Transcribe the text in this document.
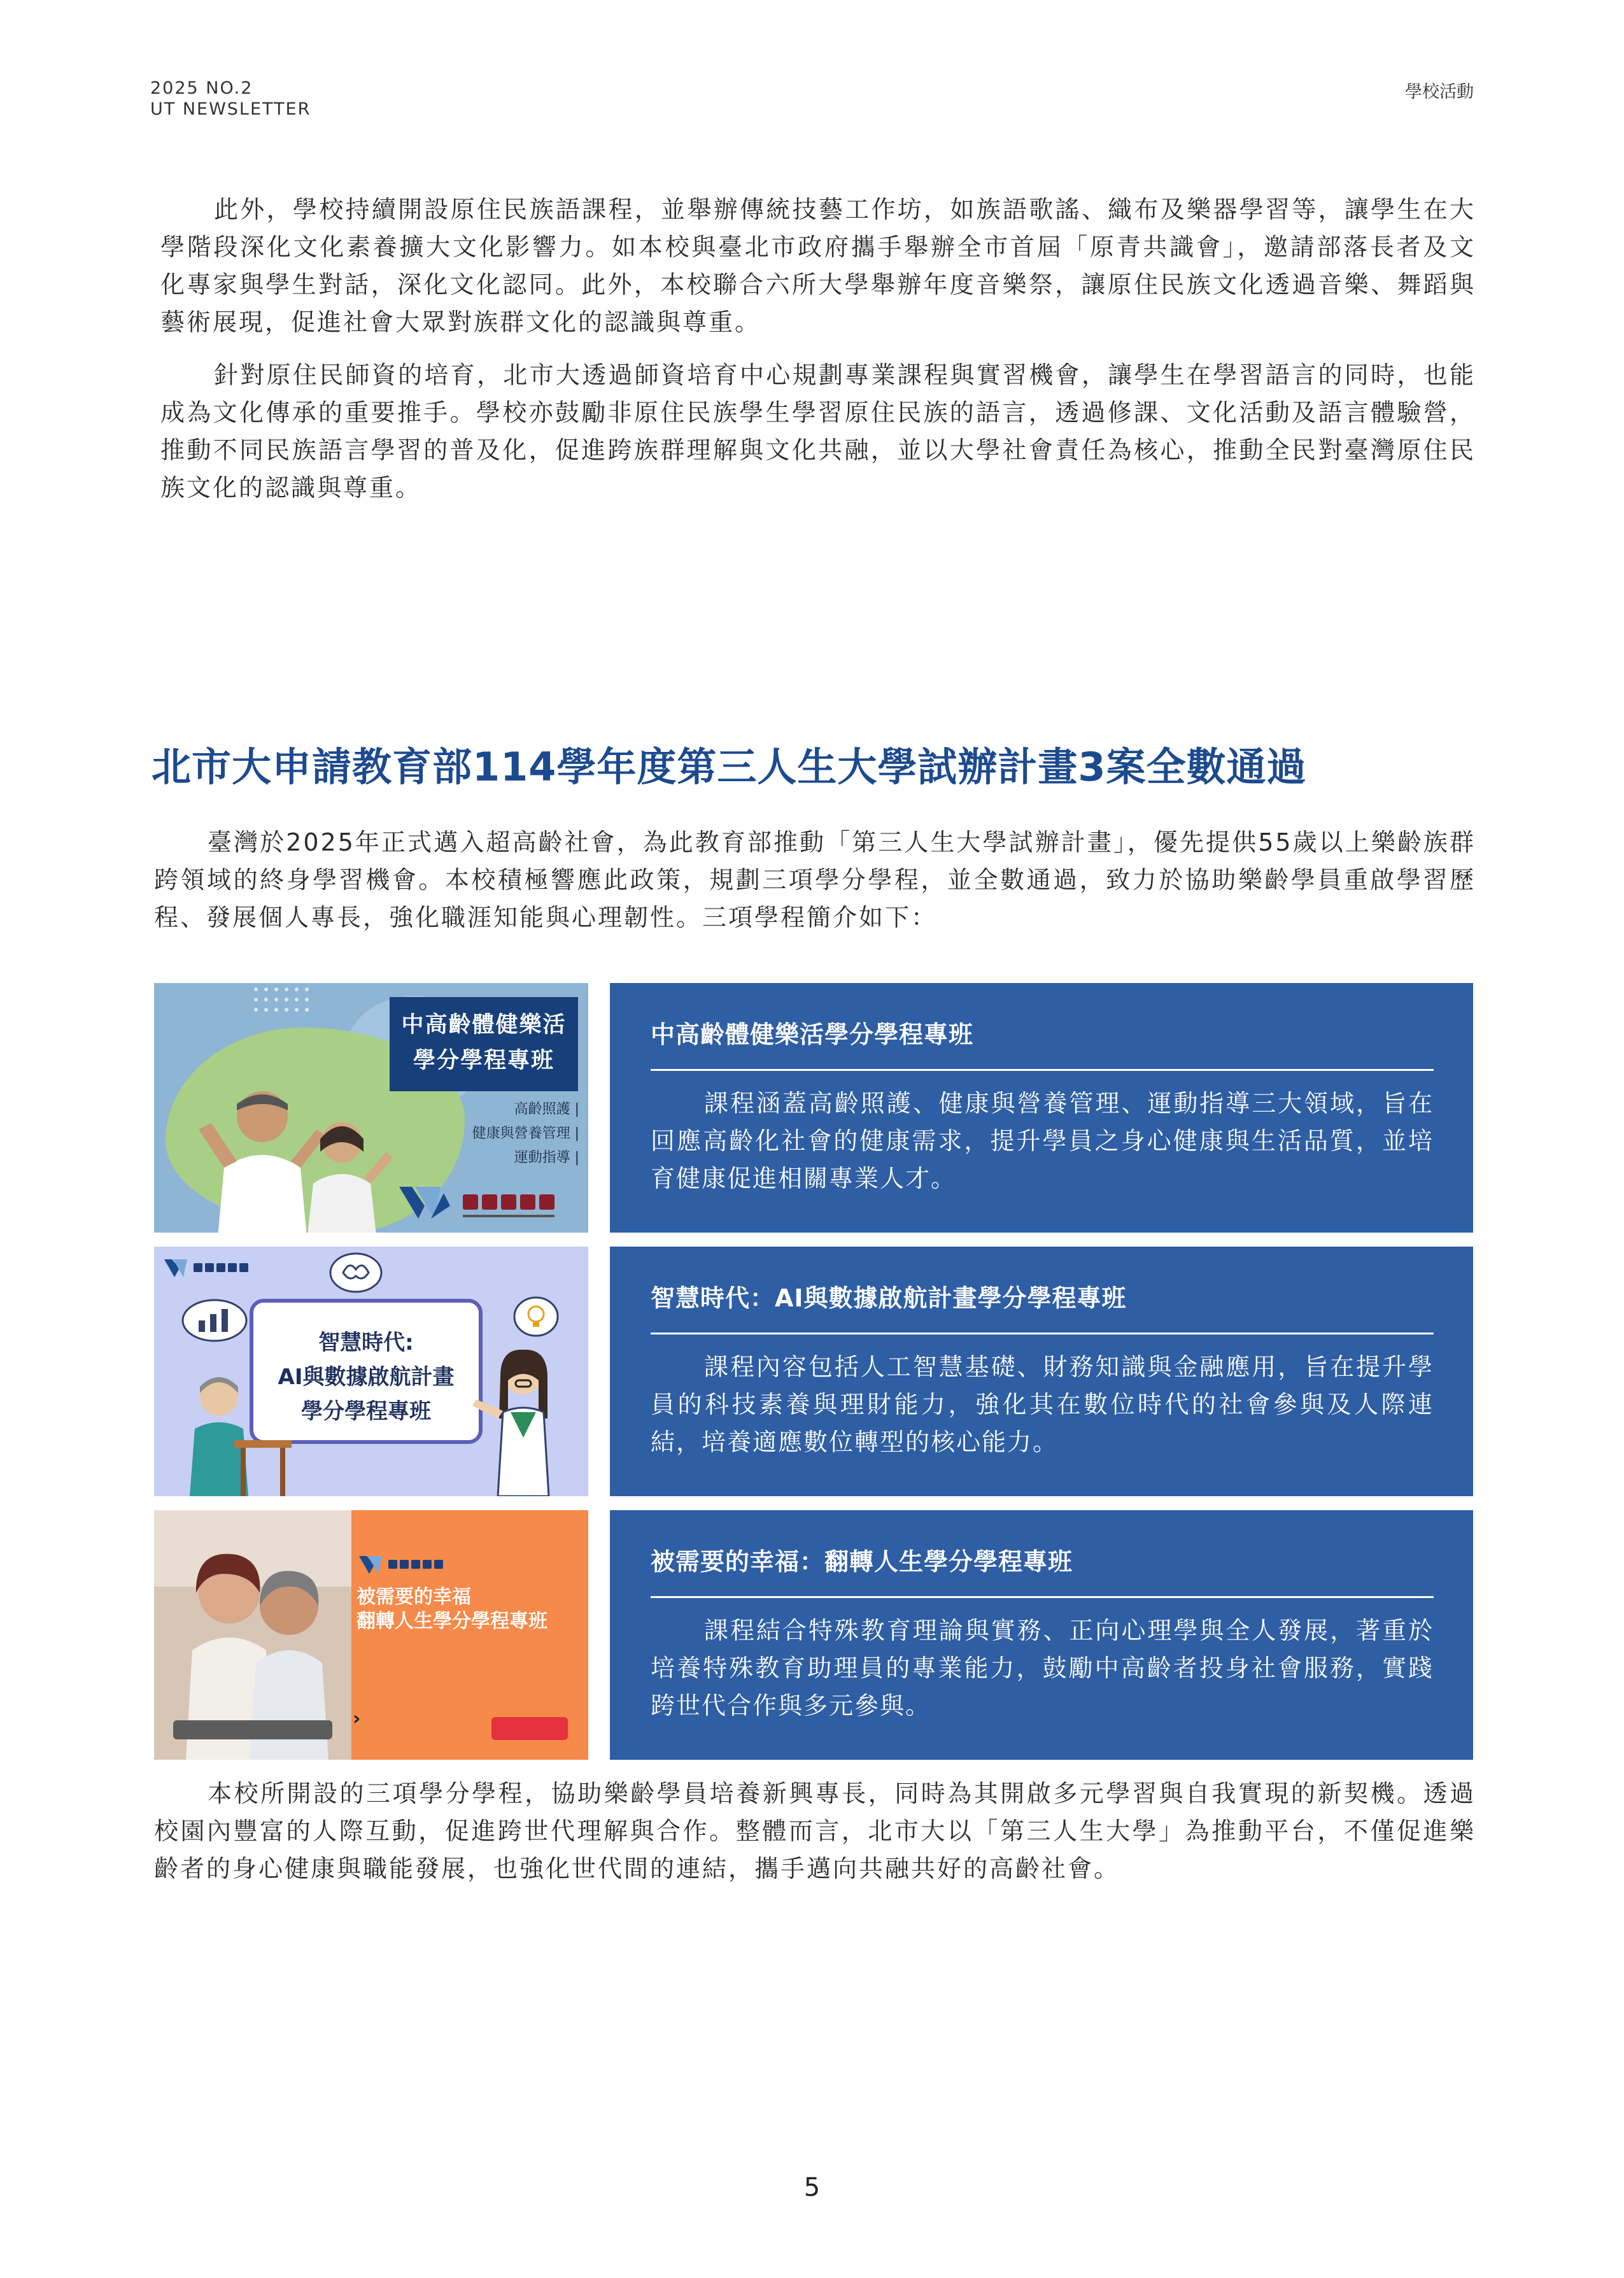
2025 NO.2
UT NEWSLETTER
學校活動

此外，學校持續開設原住民族語課程，並舉辦傳統技藝工作坊，如族語歌謠、織布及樂器學習等，讓學生在大學階段深化文化素養擴大文化影響力。如本校與臺北市政府攜手舉辦全市首屆「原青共識會」，邀請部落長者及文化專家與學生對話，深化文化認同。此外，本校聯合六所大學舉辦年度音樂祭，讓原住民族文化透過音樂、舞蹈與藝術展現，促進社會大眾對族群文化的認識與尊重。

針對原住民師資的培育，北市大透過師資培育中心規劃專業課程與實習機會，讓學生在學習語言的同時，也能成為文化傳承的重要推手。學校亦鼓勵非原住民族學生學習原住民族的語言，透過修課、文化活動及語言體驗營，推動不同民族語言學習的普及化，促進跨族群理解與文化共融，並以大學社會責任為核心，推動全民對臺灣原住民族文化的認識與尊重。

北市大申請教育部114學年度第三人生大學試辦計畫3案全數通過

臺灣於2025年正式邁入超高齡社會，為此教育部推動「第三人生大學試辦計畫」，優先提供55歲以上樂齡族群跨領域的終身學習機會。本校積極響應此政策，規劃三項學分學程，並全數通過，致力於協助樂齡學員重啟學習歷程、發展個人專長，強化職涯知能與心理韌性。三項學程簡介如下：

中高齡體健樂活
學分學程專班
高齡照護 |
健康與營養管理 |
運動指導 |
中高齡體健樂活學分學程專班

課程涵蓋高齡照護、健康與營養管理、運動指導三大領域，旨在回應高齡化社會的健康需求，提升學員之身心健康與生活品質，並培育健康促進相關專業人才。

智慧時代:
AI與數據啟航計畫
學分學程專班
智慧時代：AI與數據啟航計畫學分學程專班

課程內容包括人工智慧基礎、財務知識與金融應用，旨在提升學員的科技素養與理財能力，強化其在數位時代的社會參與及人際連結，培養適應數位轉型的核心能力。

被需要的幸福
翻轉人生學分學程專班
›
被需要的幸福：翻轉人生學分學程專班

課程結合特殊教育理論與實務、正向心理學與全人發展，著重於培養特殊教育助理員的專業能力，鼓勵中高齡者投身社會服務，實踐跨世代合作與多元參與。

本校所開設的三項學分學程，協助樂齡學員培養新興專長，同時為其開啟多元學習與自我實現的新契機。透過校園內豐富的人際互動，促進跨世代理解與合作。整體而言，北市大以「第三人生大學」為推動平台，不僅促進樂齡者的身心健康與職能發展，也強化世代間的連結，攜手邁向共融共好的高齡社會。

5
